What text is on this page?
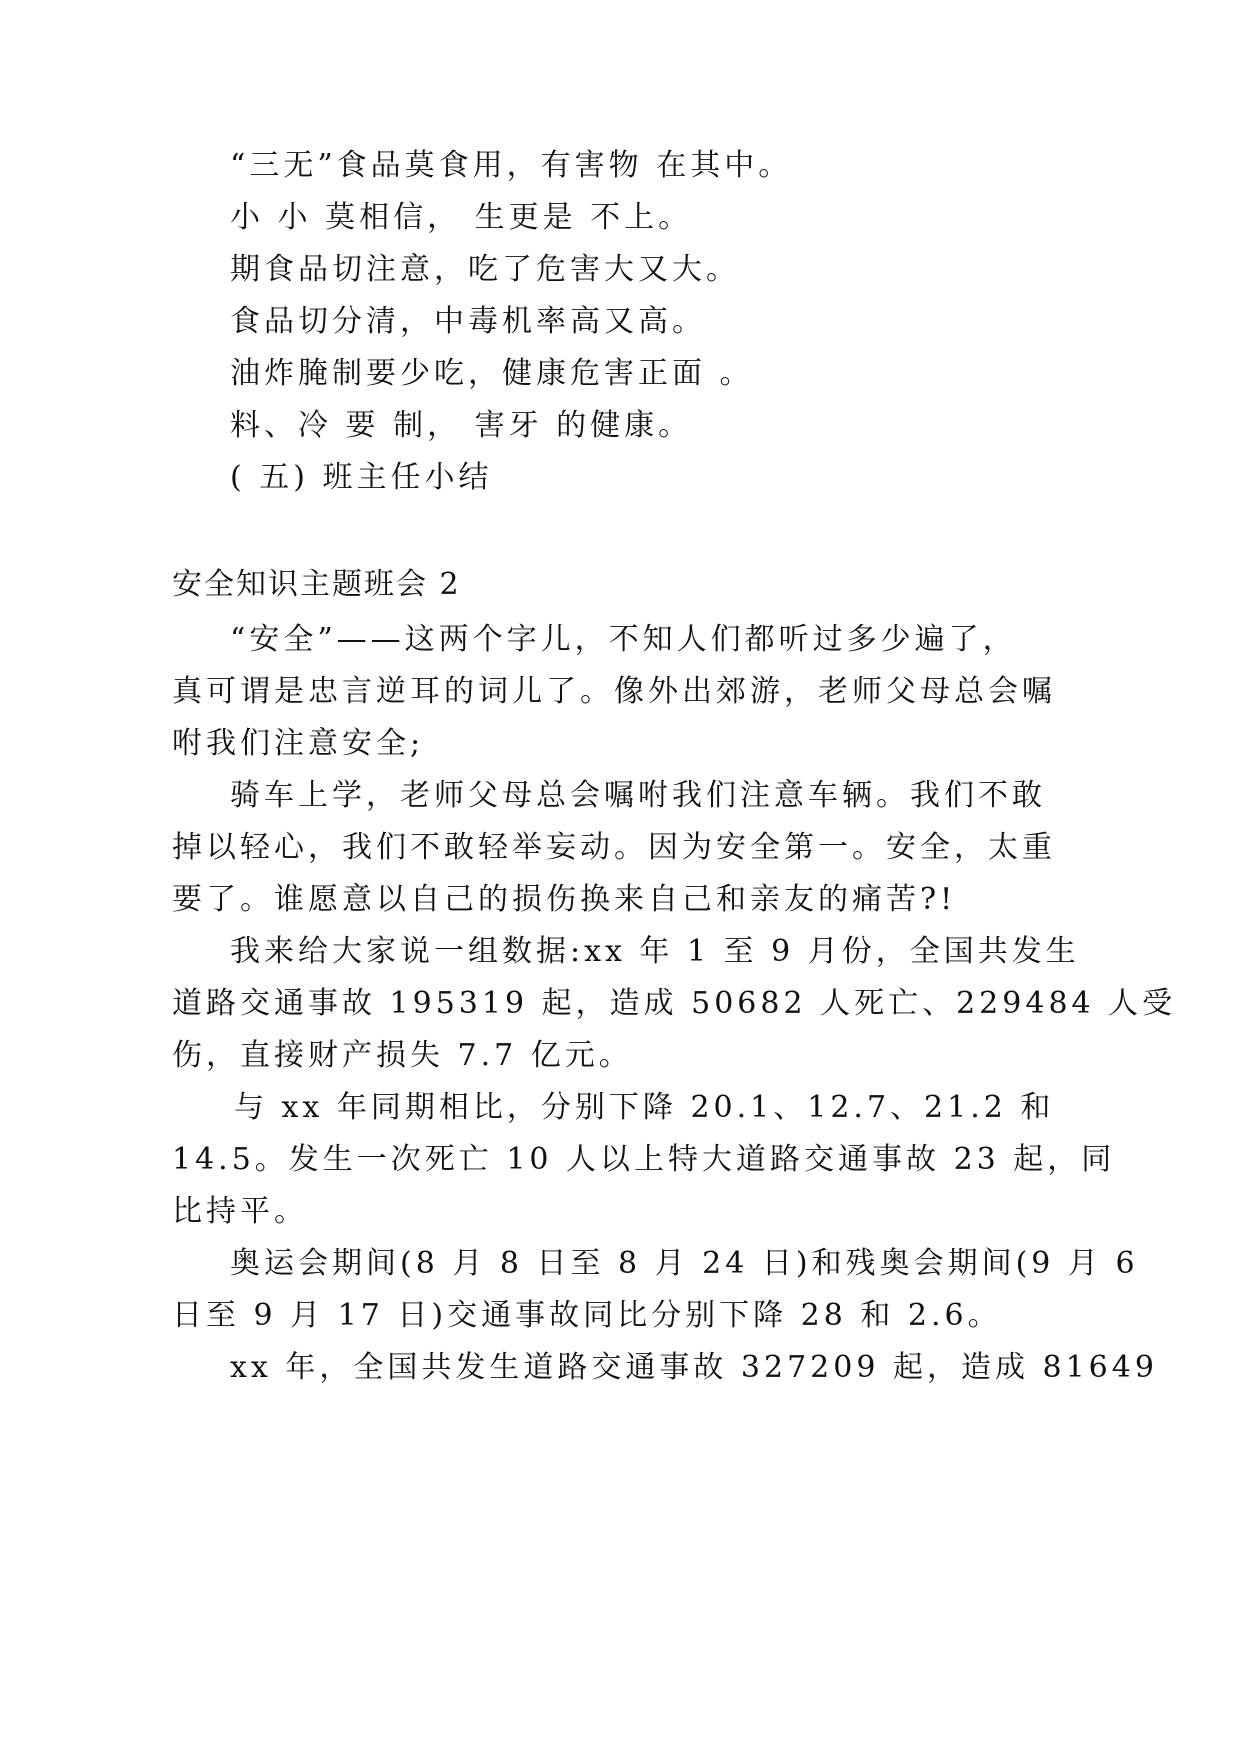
“三无”食品莫食用，有害物 在其中。

小 小 莫相信， 生更是 不上。

期食品切注意，吃了危害大又大。

食品切分清，中毒机率高又高。

油炸腌制要少吃，健康危害正面 。

料、冷 要 制， 害牙 的健康。

( 五) 班主任小结

安全知识主题班会 2

“安全”——这两个字儿，不知人们都听过多少遍了，

真可谓是忠言逆耳的词儿了。像外出郊游，老师父母总会嘱

咐我们注意安全;

骑车上学，老师父母总会嘱咐我们注意车辆。我们不敢

掉以轻心，我们不敢轻举妄动。因为安全第一。安全，太重

要了。谁愿意以自己的损伤换来自己和亲友的痛苦?!

我来给大家说一组数据:xx 年 1 至 9 月份，全国共发生

道路交通事故 195319 起，造成 50682 人死亡、229484 人受

伤，直接财产损失 7.7 亿元。

与 xx 年同期相比，分别下降 20.1、12.7、21.2 和

14.5。发生一次死亡 10 人以上特大道路交通事故 23 起，同

比持平。

奥运会期间(8 月 8 日至 8 月 24 日)和残奥会期间(9 月 6

日至 9 月 17 日)交通事故同比分别下降 28 和 2.6。

xx 年，全国共发生道路交通事故 327209 起，造成 81649
